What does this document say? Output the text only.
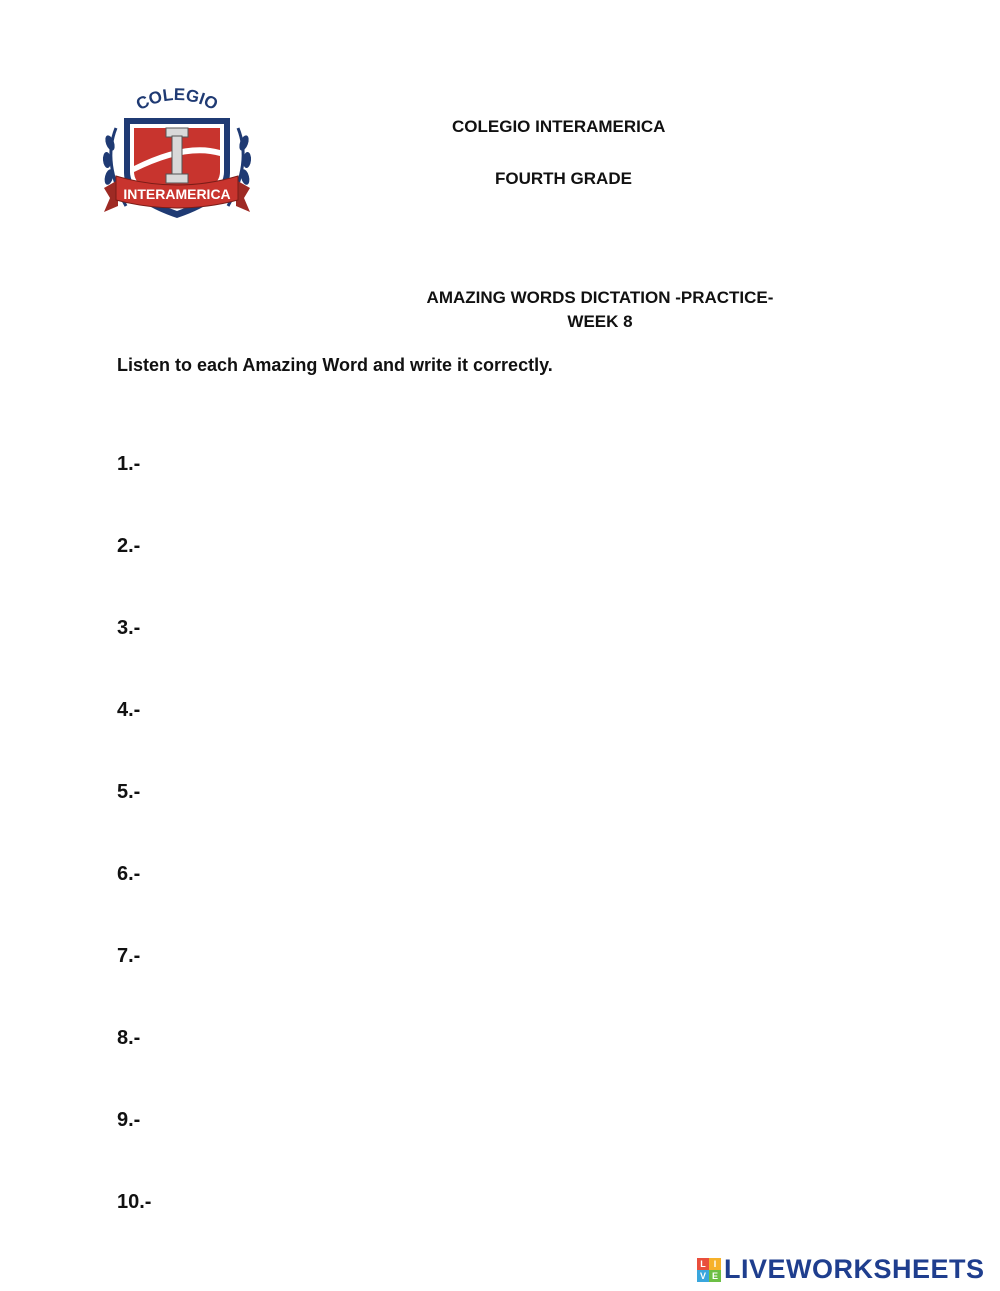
COLEGIO
INTERAMERICA
COLEGIO INTERAMERICA
FOURTH GRADE
AMAZING WORDS DICTATION -PRACTICE-
WEEK 8
Listen to each Amazing Word and write it correctly.
1.-
2.-
3.-
4.-
5.-
6.-
7.-
8.-
9.-
10.-
L I
V E LIVEWORKSHEETS
